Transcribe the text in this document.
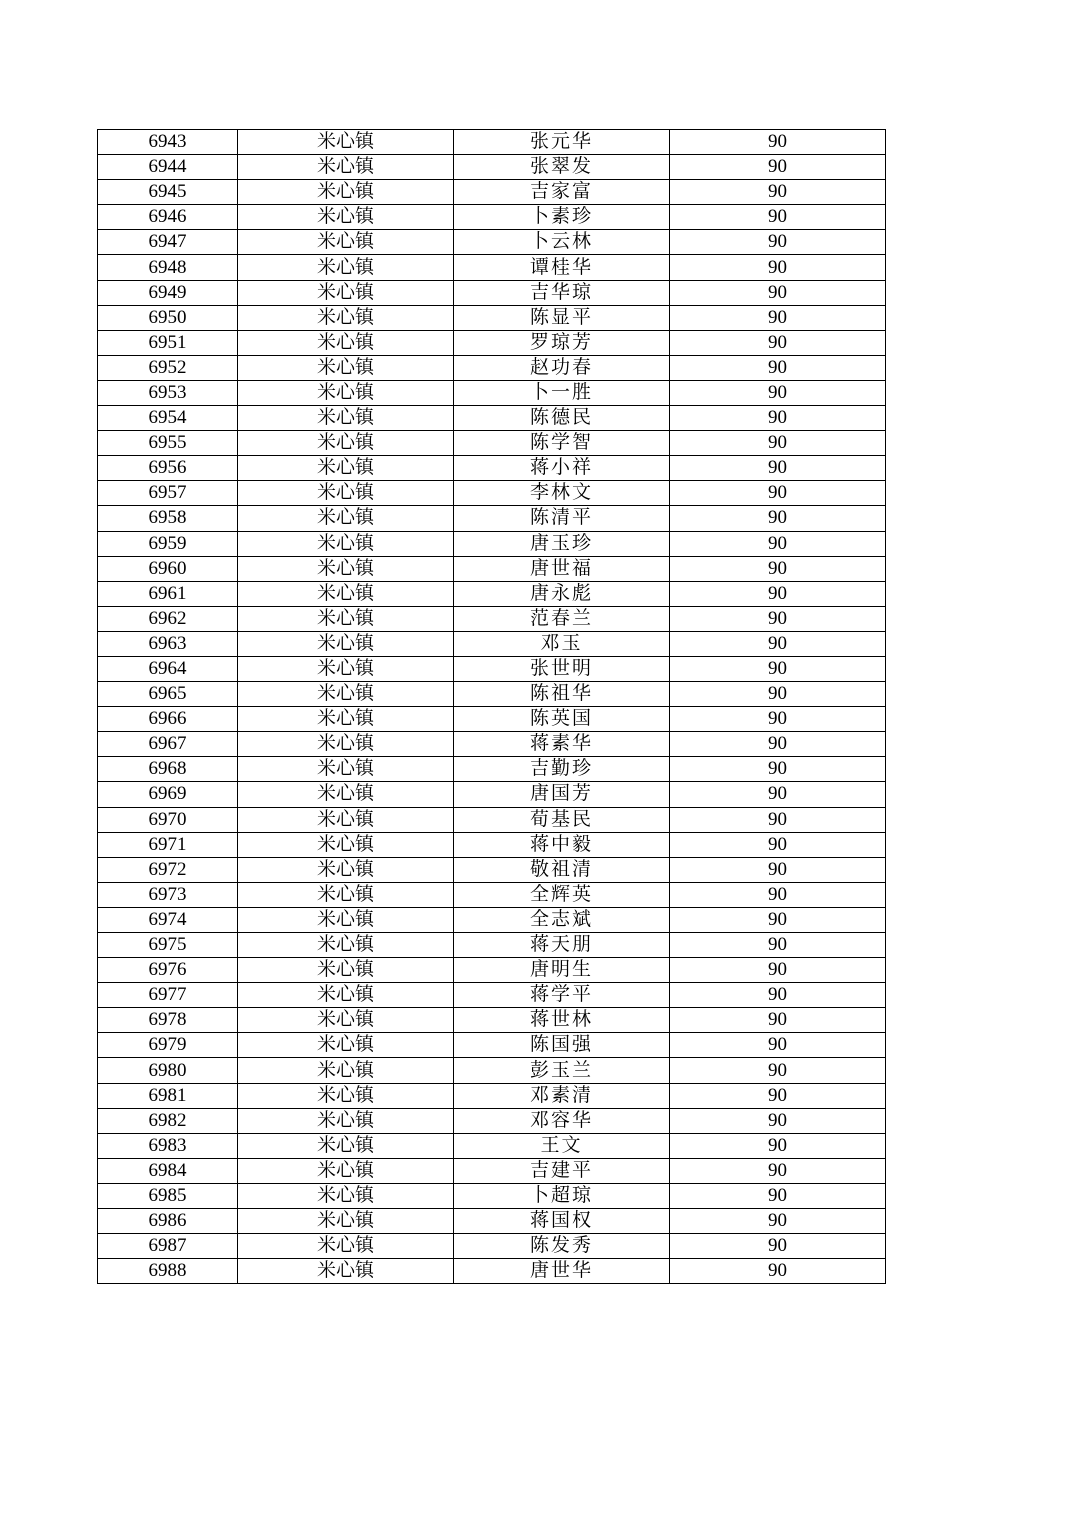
6943	米心镇	张元华	90
6944	米心镇	张翠发	90
6945	米心镇	吉家富	90
6946	米心镇	卜素珍	90
6947	米心镇	卜云林	90
6948	米心镇	谭桂华	90
6949	米心镇	吉华琼	90
6950	米心镇	陈显平	90
6951	米心镇	罗琼芳	90
6952	米心镇	赵功春	90
6953	米心镇	卜一胜	90
6954	米心镇	陈德民	90
6955	米心镇	陈学智	90
6956	米心镇	蒋小祥	90
6957	米心镇	李林文	90
6958	米心镇	陈清平	90
6959	米心镇	唐玉珍	90
6960	米心镇	唐世福	90
6961	米心镇	唐永彪	90
6962	米心镇	范春兰	90
6963	米心镇	邓玉	90
6964	米心镇	张世明	90
6965	米心镇	陈祖华	90
6966	米心镇	陈英国	90
6967	米心镇	蒋素华	90
6968	米心镇	吉勤珍	90
6969	米心镇	唐国芳	90
6970	米心镇	荀基民	90
6971	米心镇	蒋中毅	90
6972	米心镇	敬祖清	90
6973	米心镇	全辉英	90
6974	米心镇	全志斌	90
6975	米心镇	蒋天朋	90
6976	米心镇	唐明生	90
6977	米心镇	蒋学平	90
6978	米心镇	蒋世林	90
6979	米心镇	陈国强	90
6980	米心镇	彭玉兰	90
6981	米心镇	邓素清	90
6982	米心镇	邓容华	90
6983	米心镇	王文	90
6984	米心镇	吉建平	90
6985	米心镇	卜超琼	90
6986	米心镇	蒋国权	90
6987	米心镇	陈发秀	90
6988	米心镇	唐世华	90
